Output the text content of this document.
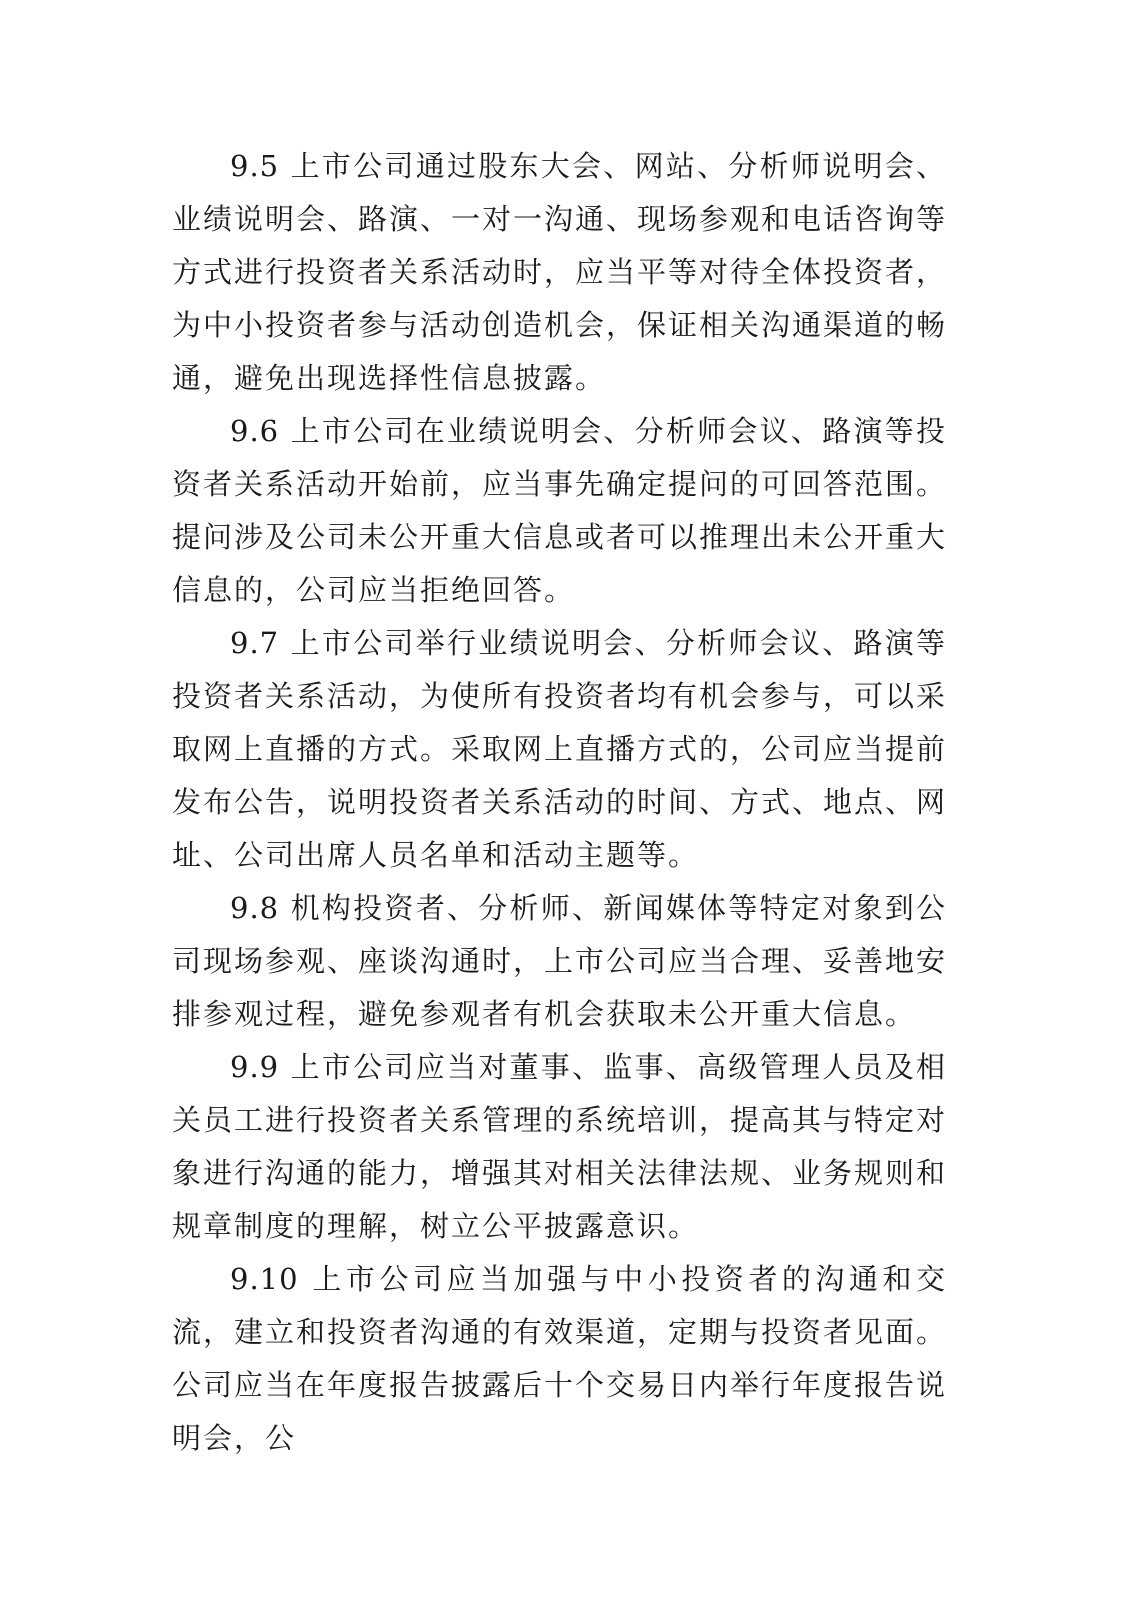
9.5 上市公司通过股东大会、网站、分析师说明会、业绩说明会、路演、一对一沟通、现场参观和电话咨询等方式进行投资者关系活动时，应当平等对待全体投资者，为中小投资者参与活动创造机会，保证相关沟通渠道的畅通，避免出现选择性信息披露。

9.6 上市公司在业绩说明会、分析师会议、路演等投资者关系活动开始前，应当事先确定提问的可回答范围。提问涉及公司未公开重大信息或者可以推理出未公开重大信息的，公司应当拒绝回答。

9.7 上市公司举行业绩说明会、分析师会议、路演等投资者关系活动，为使所有投资者均有机会参与，可以采取网上直播的方式。采取网上直播方式的，公司应当提前发布公告，说明投资者关系活动的时间、方式、地点、网址、公司出席人员名单和活动主题等。

9.8 机构投资者、分析师、新闻媒体等特定对象到公司现场参观、座谈沟通时，上市公司应当合理、妥善地安排参观过程，避免参观者有机会获取未公开重大信息。

9.9 上市公司应当对董事、监事、高级管理人员及相关员工进行投资者关系管理的系统培训，提高其与特定对象进行沟通的能力，增强其对相关法律法规、业务规则和规章制度的理解，树立公平披露意识。

9.10 上市公司应当加强与中小投资者的沟通和交流，建立和投资者沟通的有效渠道，定期与投资者见面。公司应当在年度报告披露后十个交易日内举行年度报告说明会，公
